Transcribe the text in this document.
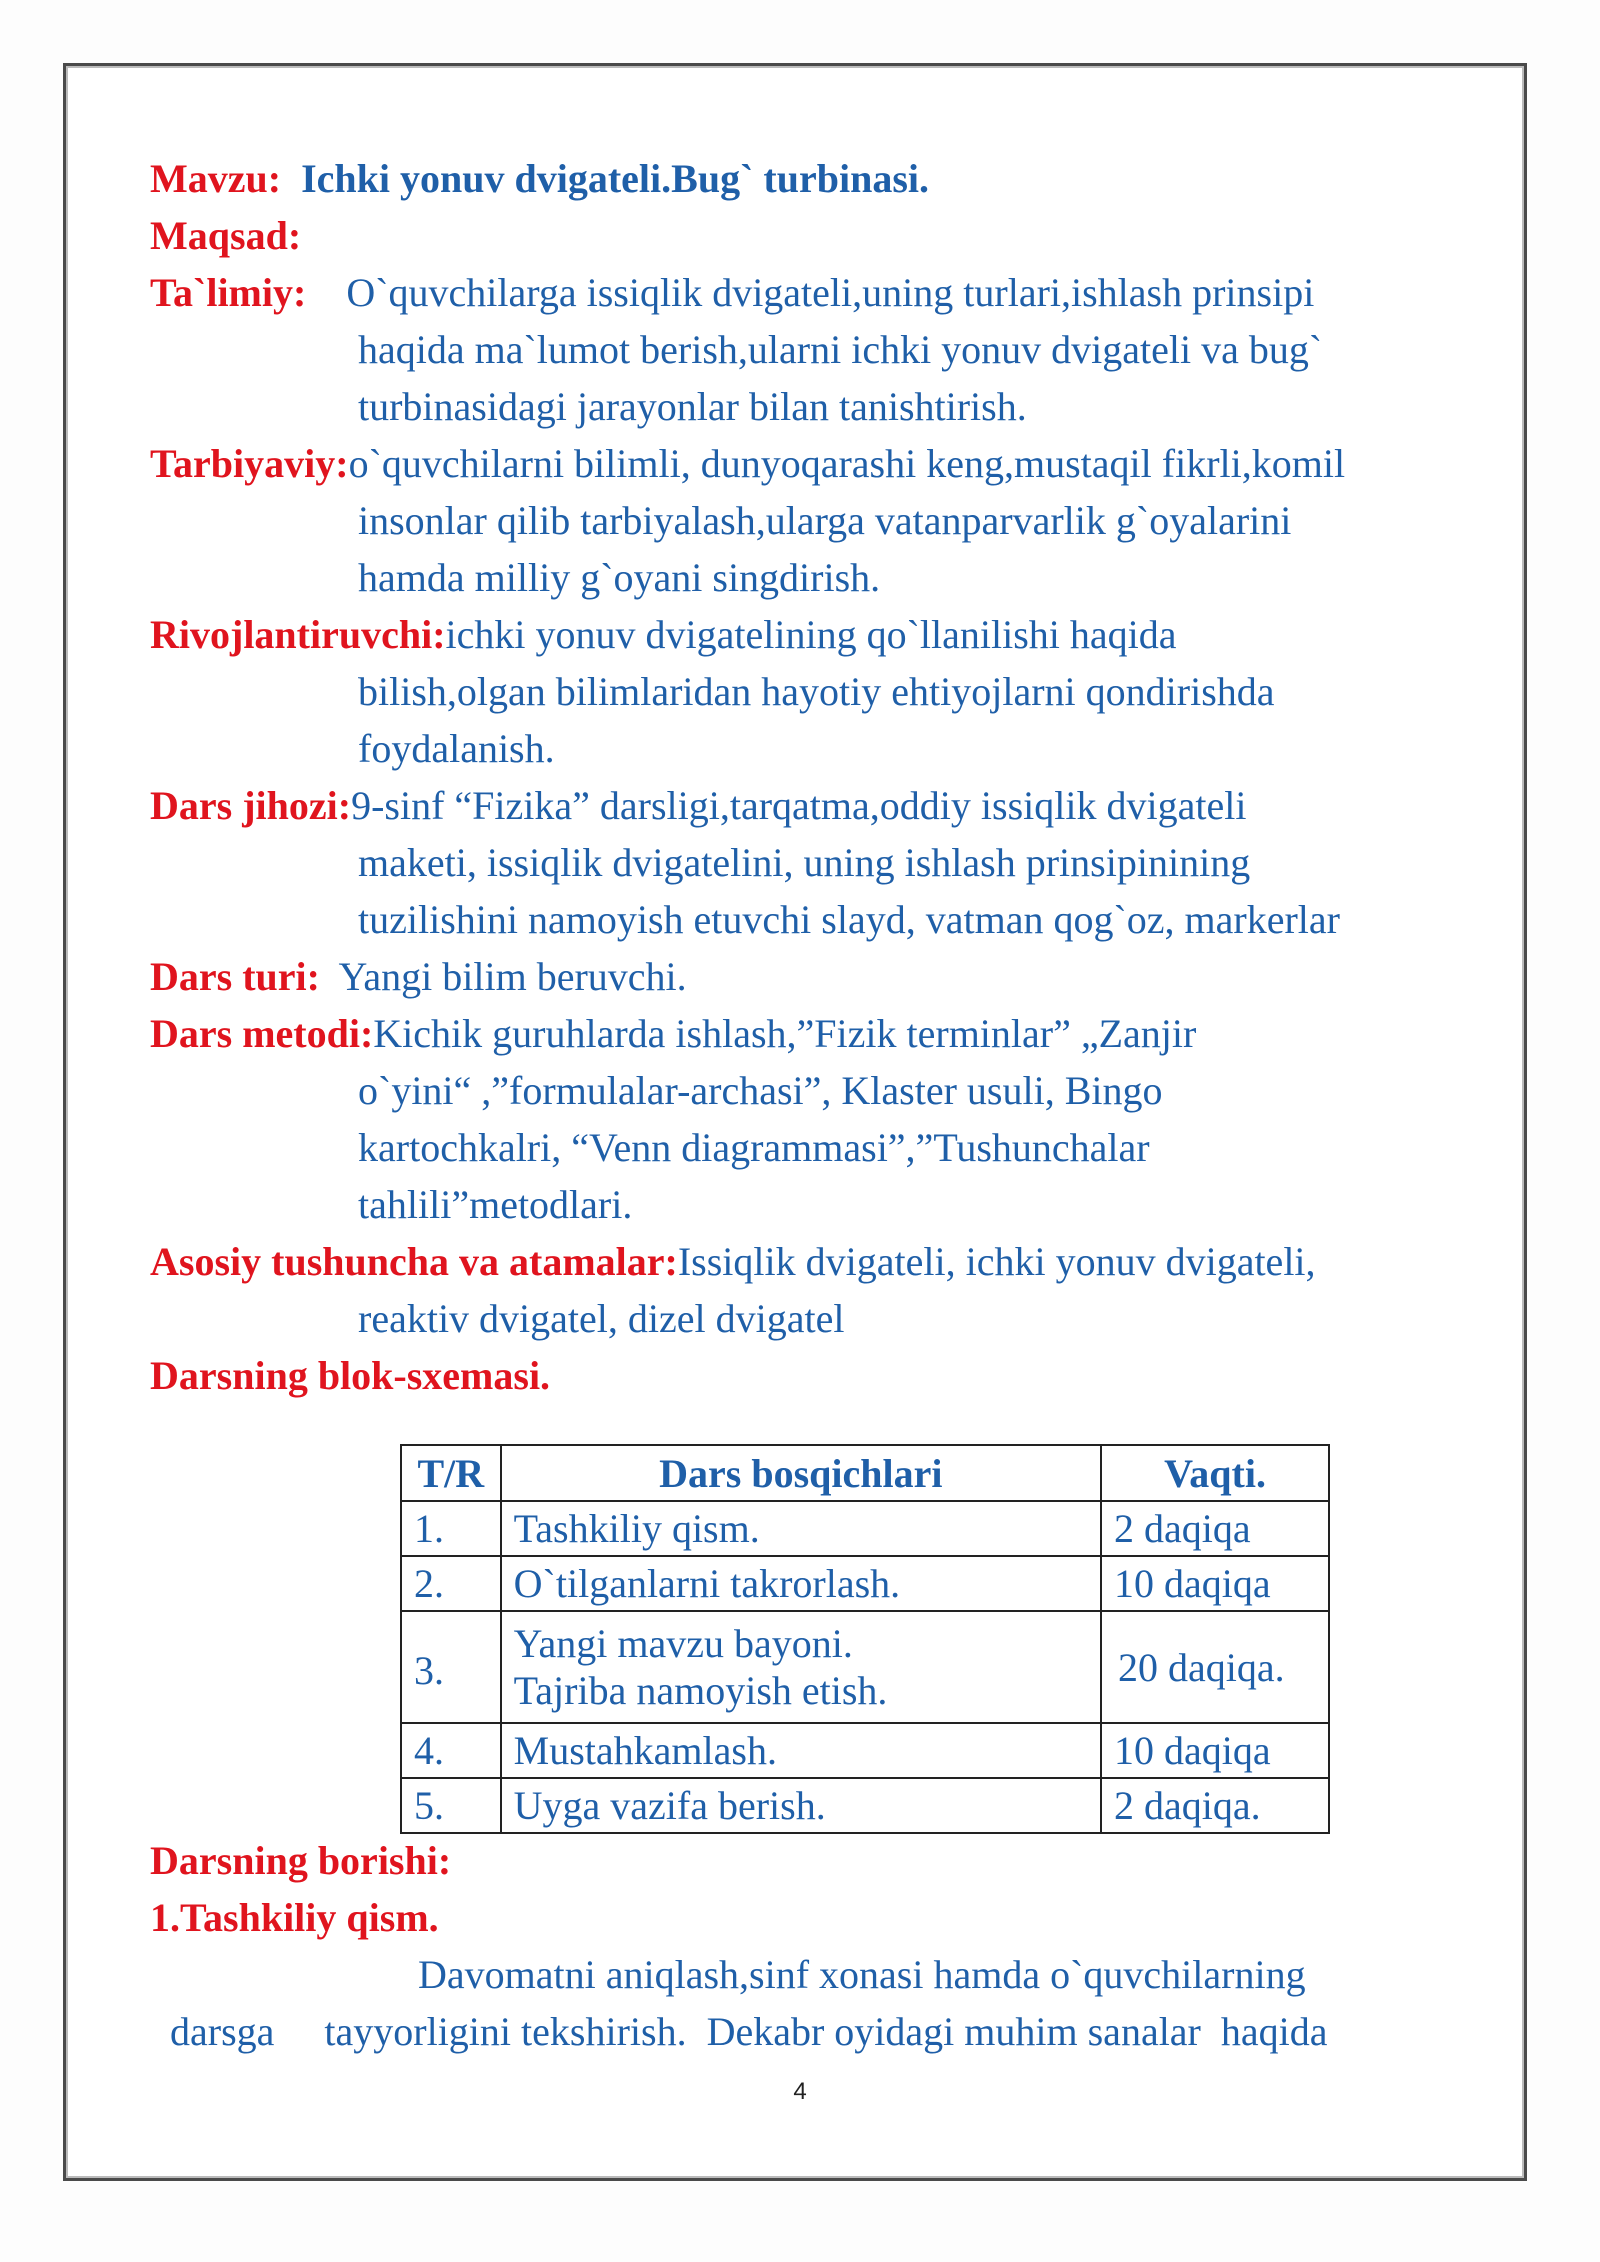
Mavzu: Ichki yonuv dvigateli.Bug` turbinasi.
Maqsad:
Ta`limiy: O`quvchilarga issiqlik dvigateli,uning turlari,ishlash prinsipi
haqida ma`lumot berish,ularni ichki yonuv dvigateli va bug`
turbinasidagi jarayonlar bilan tanishtirish.
Tarbiyaviy:o`quvchilarni bilimli, dunyoqarashi keng,mustaqil fikrli,komil
insonlar qilib tarbiyalash,ularga vatanparvarlik g`oyalarini
hamda milliy g`oyani singdirish.
Rivojlantiruvchi:ichki yonuv dvigatelining qo`llanilishi haqida
bilish,olgan bilimlaridan hayotiy ehtiyojlarni qondirishda
foydalanish.
Dars jihozi:9-sinf “Fizika” darsligi,tarqatma,oddiy issiqlik dvigateli
maketi, issiqlik dvigatelini, uning ishlash prinsipinining
tuzilishini namoyish etuvchi slayd, vatman qog`oz, markerlar
Dars turi: Yangi bilim beruvchi.
Dars metodi:Kichik guruhlarda ishlash,”Fizik terminlar” „Zanjir
o`yini“ ,”formulalar-archasi”, Klaster usuli, Bingo
kartochkalri, “Venn diagrammasi”,”Tushunchalar
tahlili”metodlari.
Asosiy tushuncha va atamalar:Issiqlik dvigateli, ichki yonuv dvigateli,
reaktiv dvigatel, dizel dvigatel
Darsning blok-sxemasi.
T/R	Dars bosqichlari	Vaqti.
1.	Tashkiliy qism.	2 daqiqa
2.	O`tilganlarni takrorlash.	10 daqiqa
3.	Yangi mavzu bayoni.
Tajriba namoyish etish.	20 daqiqa.
4.	Mustahkamlash.	10 daqiqa
5.	Uyga vazifa berish.	2 daqiqa.
Darsning borishi:
1.Tashkiliy qism.
Davomatni aniqlash,sinf xonasi hamda o`quvchilarning
darsga     tayyorligini tekshirish.  Dekabr oyidagi muhim sanalar  haqida
4
